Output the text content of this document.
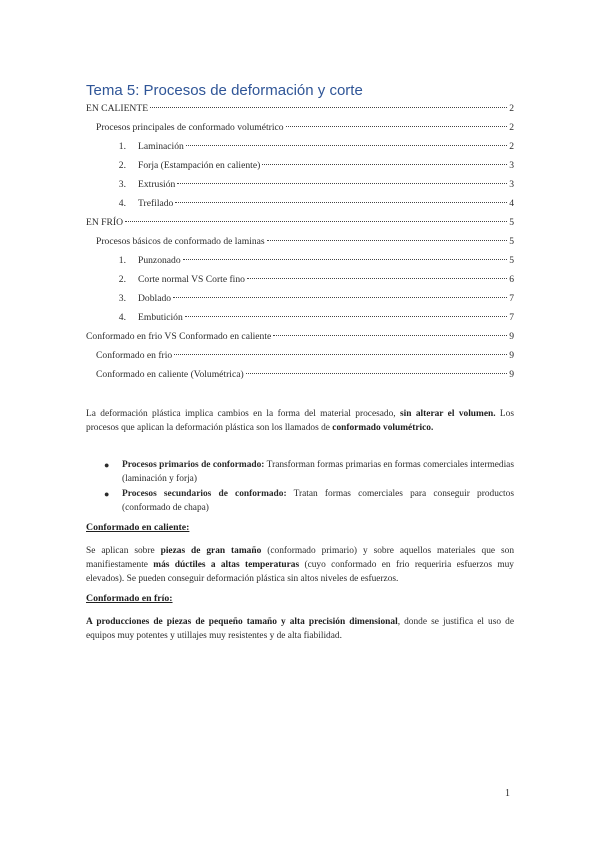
Tema 5: Procesos de deformación y corte
EN CALIENTE	2
Procesos principales de conformado volumétrico	2
1. Laminación	2
2. Forja (Estampación en caliente)	3
3. Extrusión	3
4. Trefilado	4
EN FRÍO	5
Procesos básicos de conformado de laminas	5
1. Punzonado	5
2. Corte normal VS Corte fino	6
3. Doblado	7
4. Embutición	7
Conformado en frio VS Conformado en caliente	9
Conformado en frio	9
Conformado en caliente (Volumétrica)	9

La deformación plástica implica cambios en la forma del material procesado, sin alterar el volumen. Los procesos que aplican la deformación plástica son los llamados de conformado volumétrico.

● Procesos primarios de conformado: Transforman formas primarias en formas comerciales intermedias (laminación y forja)
● Procesos secundarios de conformado: Tratan formas comerciales para conseguir productos (conformado de chapa)

Conformado en caliente:

Se aplican sobre piezas de gran tamaño (conformado primario) y sobre aquellos materiales que son manifiestamente más dúctiles a altas temperaturas (cuyo conformado en frio requeriria esfuerzos muy elevados). Se pueden conseguir deformación plástica sin altos niveles de esfuerzos.

Conformado en frío:

A producciones de piezas de pequeño tamaño y alta precisión dimensional, donde se justifica el uso de equipos muy potentes y utillajes muy resistentes y de alta fiabilidad.

1
